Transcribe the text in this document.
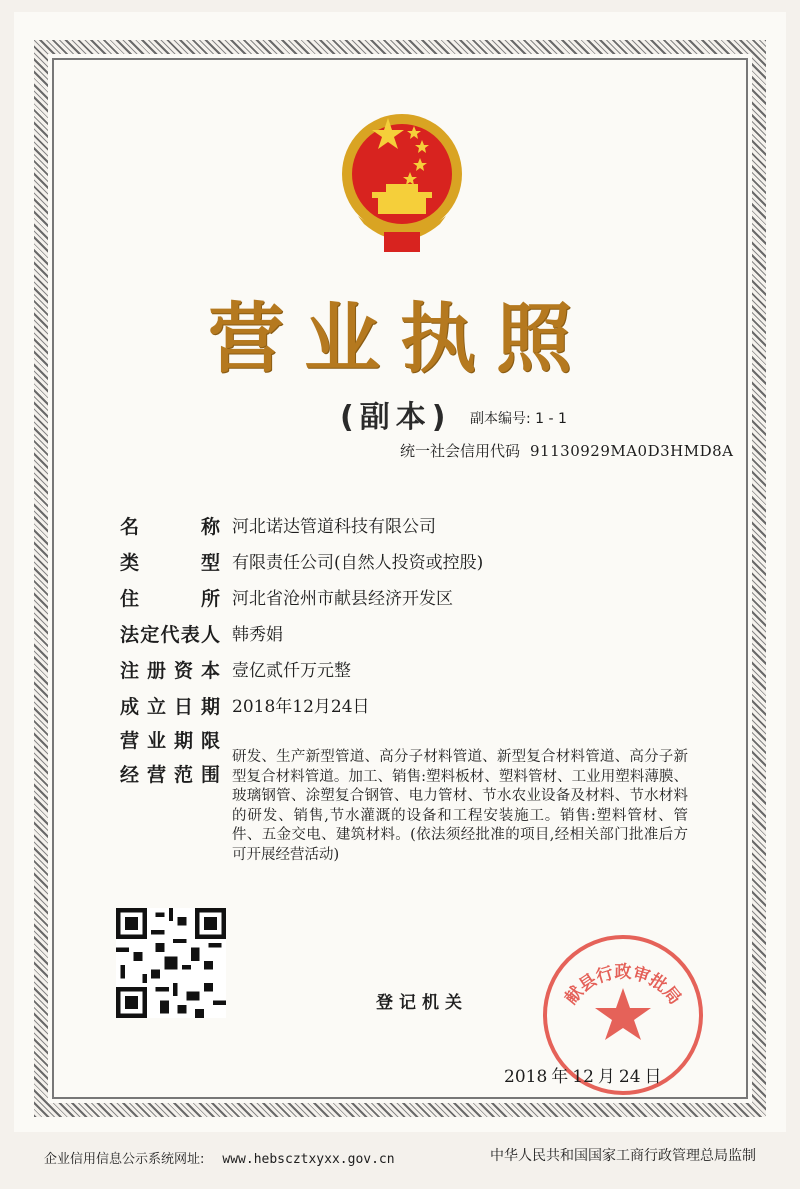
营业执照
(副本) 副本编号: 1 - 1
统一社会信用代码 91130929MA0D3HMD8A
名	称 河北诺达管道科技有限公司
类	型 有限责任公司(自然人投资或控股)
住	所 河北省沧州市献县经济开发区
法 定 代 表 人 韩秀娟
注 册 资 本 壹亿贰仟万元整
成 立 日 期 2018年12月24日
营 业 期 限
经 营 范 围
研发、生产新型管道、高分子材料管道、新型复合材料管道、高分子新型复合材料管道。加工、销售:塑料板材、塑料管材、工业用塑料薄膜、玻璃钢管、涂塑复合钢管、电力管材、节水农业设备及材料、节水材料的研发、销售,节水灌溉的设备和工程安装施工。销售:塑料管材、管件、五金交电、建筑材料。(依法须经批准的项目,经相关部门批准后方可开展经营活动)
登记机关	献县行政审批局
2018 年 12 月 24 日
企业信用信息公示系统网址: www.hebscztxyxx.gov.cn	中华人民共和国国家工商行政管理总局监制
